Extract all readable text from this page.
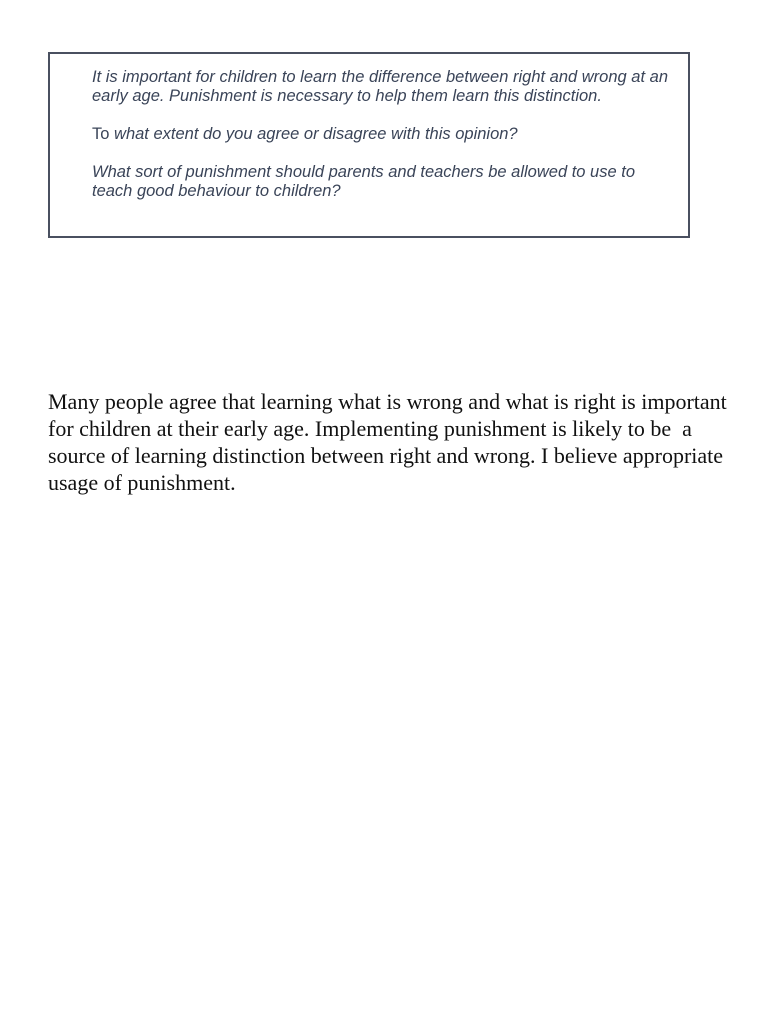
It is important for children to learn the difference between right and wrong at an early age. Punishment is necessary to help them learn this distinction.

To what extent do you agree or disagree with this opinion?

What sort of punishment should parents and teachers be allowed to use to teach good behaviour to children?

Many people agree that learning what is wrong and what is right is important for children at their early age. Implementing punishment is likely to be  a source of learning distinction between right and wrong. I believe appropriate usage of punishment.
